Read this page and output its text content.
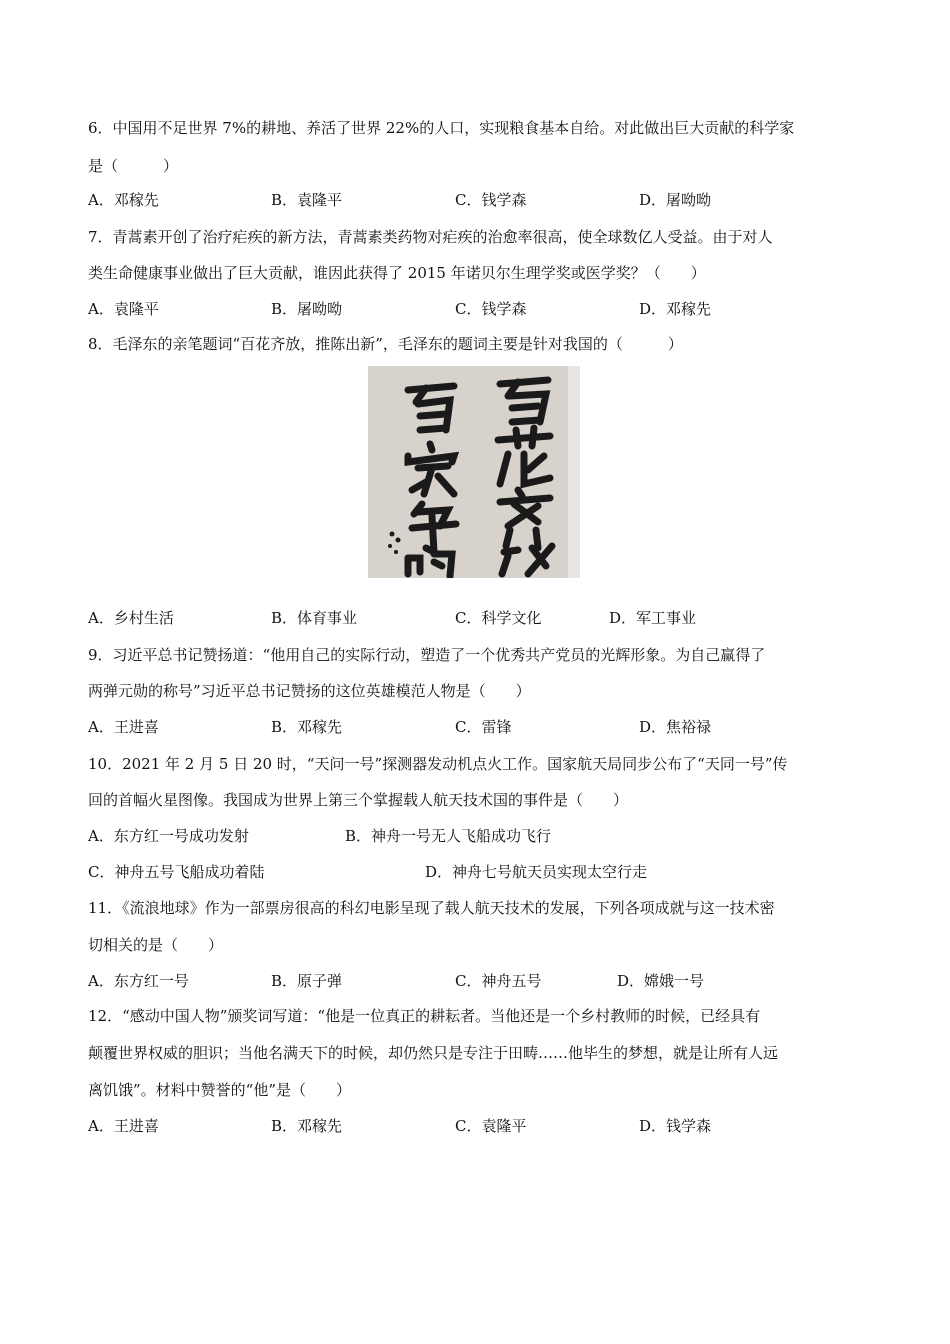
6．中国用不足世界 7%的耕地、养活了世界 22%的人口，实现粮食基本自给。对此做出巨大贡献的科学家
是（　　　）
A．邓稼先	B．袁隆平	C．钱学森	D．屠呦呦
7．青蒿素开创了治疗疟疾的新方法，青蒿素类药物对疟疾的治愈率很高，使全球数亿人受益。由于对人
类生命健康事业做出了巨大贡献，谁因此获得了 2015 年诺贝尔生理学奖或医学奖？（　　）
A．袁隆平	B．屠呦呦	C．钱学森	D．邓稼先
8．毛泽东的亲笔题词“百花齐放，推陈出新”，毛泽东的题词主要是针对我国的（　　　）
A．乡村生活	B．体育事业	C．科学文化	D．军工事业
9．习近平总书记赞扬道：“他用自己的实际行动，塑造了一个优秀共产党员的光辉形象。为自己赢得了
两弹元勋的称号”习近平总书记赞扬的这位英雄模范人物是（　　）
A．王进喜	B．邓稼先	C．雷锋	D．焦裕禄
10．2021 年 2 月 5 日 20 时，“天问一号”探测器发动机点火工作。国家航天局同步公布了“天同一号”传
回的首幅火星图像。我国成为世界上第三个掌握载人航天技术国的事件是（　　）
A．东方红一号成功发射	B．神舟一号无人飞船成功飞行
C．神舟五号飞船成功着陆	D．神舟七号航天员实现太空行走
11．《流浪地球》作为一部票房很高的科幻电影呈现了载人航天技术的发展，下列各项成就与这一技术密
切相关的是（　　）
A．东方红一号	B．原子弹	C．神舟五号	D．嫦娥一号
12．“感动中国人物”颁奖词写道：“他是一位真正的耕耘者。当他还是一个乡村教师的时候，已经具有
颠覆世界权威的胆识；当他名满天下的时候，却仍然只是专注于田畴……他毕生的梦想，就是让所有人远
离饥饿”。材料中赞誉的“他”是（　　）
A．王进喜	B．邓稼先	C．袁隆平	D．钱学森
